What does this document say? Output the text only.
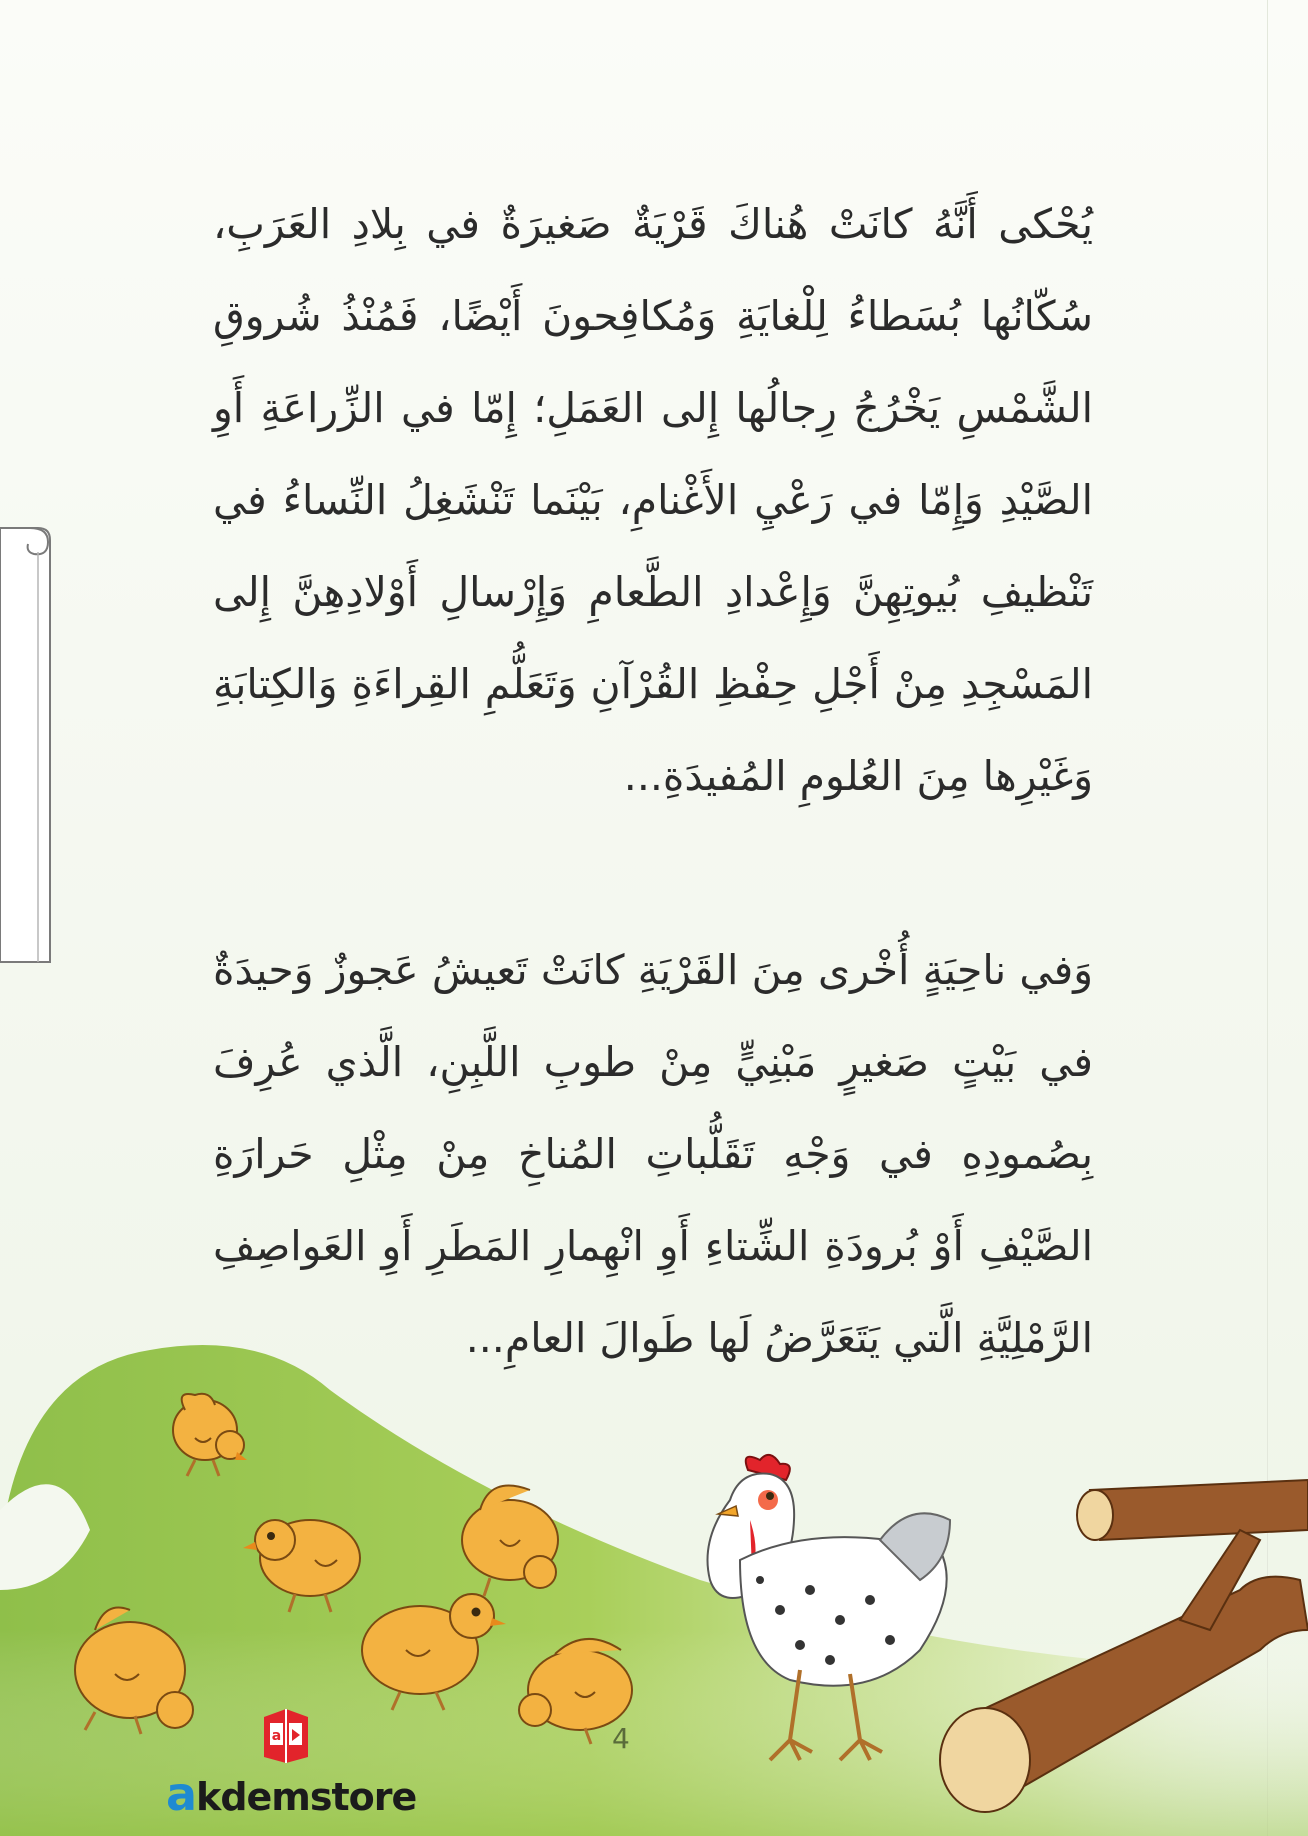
يُحْكى أَنَّهُ كانَتْ هُناكَ قَرْيَةٌ صَغيرَةٌ في بِلادِ العَرَبِ، سُكّانُها بُسَطاءُ لِلْغايَةِ وَمُكافِحونَ أَيْضًا، فَمُنْذُ شُروقِ الشَّمْسِ يَخْرُجُ رِجالُها إِلى العَمَلِ؛ إِمّا في الزِّراعَةِ أَوِ الصَّيْدِ وَإِمّا في رَعْيِ الأَغْنامِ، بَيْنَما تَنْشَغِلُ النِّساءُ في تَنْظيفِ بُيوتِهِنَّ وَإِعْدادِ الطَّعامِ وَإِرْسالِ أَوْلادِهِنَّ إِلى المَسْجِدِ مِنْ أَجْلِ حِفْظِ القُرْآنِ وَتَعَلُّمِ القِراءَةِ وَالكِتابَةِ وَغَيْرِها مِنَ العُلومِ المُفيدَةِ...

وَفي ناحِيَةٍ أُخْرى مِنَ القَرْيَةِ كانَتْ تَعيشُ عَجوزٌ وَحيدَةٌ في بَيْتٍ صَغيرٍ مَبْنِيٍّ مِنْ طوبِ اللَّبِنِ، الَّذي عُرِفَ بِصُمودِهِ في وَجْهِ تَقَلُّباتِ المُناخِ مِنْ مِثْلِ حَرارَةِ الصَّيْفِ أَوْ بُرودَةِ الشِّتاءِ أَوِ انْهِمارِ المَطَرِ أَوِ العَواصِفِ الرَّمْلِيَّةِ الَّتي يَتَعَرَّضُ لَها طَوالَ العامِ...

4
a
akdemstore
